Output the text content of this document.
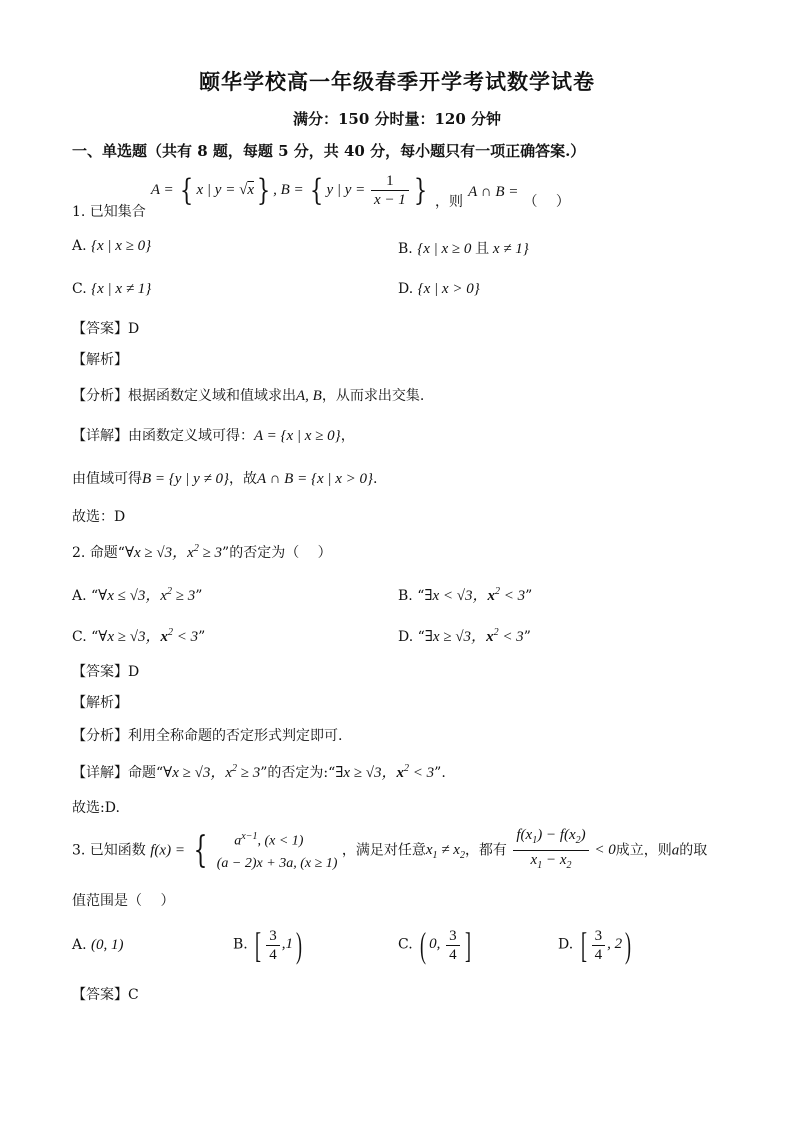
颐华学校高一年级春季开学考试数学试卷
满分：150 分时量：120 分钟
一、单选题（共有 8 题，每题 5 分，共 40 分，每小题只有一项正确答案.）
1. 已知集合 A = { x | y = √x} , B = { y | $y = \frac{1}{x - 1}$ } ，则 A ∩ B = （　 ）
A. {x | x ≥ 0}	B. {x | x ≥ 0 且 x ≠ 1}
C. {x | x ≠ 1}	D. {x | x > 0}
【答案】D
【解析】
【分析】根据函数定义域和值域求出A, B，从而求出交集.
【详解】由函数定义域可得：A = {x | x ≥ 0}，
由值域可得B = {y | y ≠ 0}，故A ∩ B = {x | x > 0}.
故选：D
2. 命题“∀x ≥ √3，$x^2 \ge 3$”的否定为（　 ）
A. “∀x ≤ √3，$x^2 \ge 3$”	B. “∃x < √3，$x^2 < 3$”
C. “∀x ≥ √3，$x^2 < 3$”	D. “∃x ≥ √3，$x^2 < 3$”
【答案】D
【解析】
【分析】利用全称命题的否定形式判定即可.
【详解】命题“∀x ≥ √3，$x^2 \ge 3$”的否定为:“∃x ≥ √3，$x^2 < 3$”.
故选:D.
3. 已知函数 f(x) = { $a^{x-1}$, (x < 1)
(a − 2)x + 3a, (x ≥ 1)
，满足对任意$x_1 \ne x_2$，都有 $\frac{f(x_1) - f(x_2)}{x_1 - x_2} < 0$成立，则a的取
值范围是（　 ）
A. (0, 1)	B. [ $\frac{3}{4} ,1$)	C. ( 0, $\frac{3}{4}$ ]	D. [ $\frac{3}{4}$ , 2)
【答案】C
